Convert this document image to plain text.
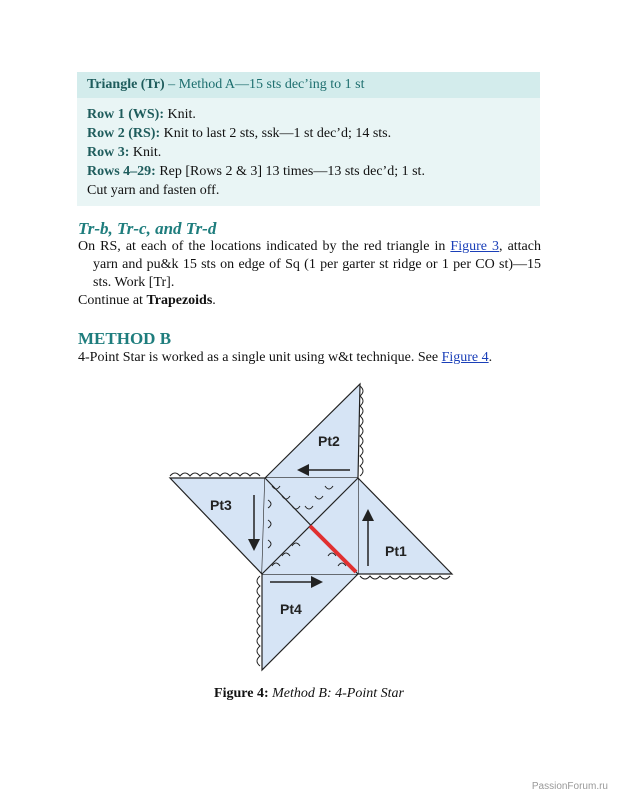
Triangle (Tr) – Method A—15 sts dec’ing to 1 st
Row 1 (WS): Knit.
Row 2 (RS): Knit to last 2 sts, ssk—1 st dec’d; 14 sts.
Row 3: Knit.
Rows 4–29: Rep [Rows 2 & 3] 13 times—13 sts dec’d; 1 st.
Cut yarn and fasten off.
Tr-b, Tr-c, and Tr-d
On RS, at each of the locations indicated by the red triangle in Figure 3, attach yarn and pu&k 15 sts on edge of Sq (1 per garter st ridge or 1 per CO st)—15 sts. Work [Tr].
Continue at Trapezoids.
METHOD B
4-Point Star is worked as a single unit using w&t technique. See Figure 4.
Pt2
Pt1
Pt4
Pt3
Figure 4: Method B: 4-Point Star
PassionForum.ru
